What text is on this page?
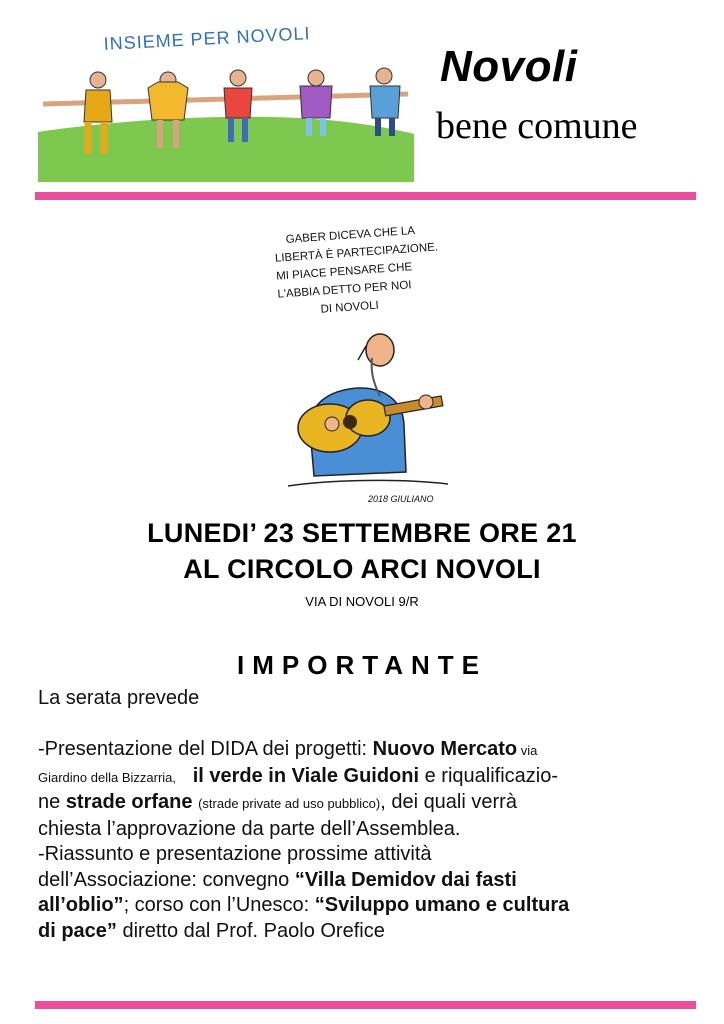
INSIEME PER NOVOLI
Novoli
bene comune
GABER DICEVA CHE LA
LIBERTÀ È PARTECIPAZIONE.
MI PIACE PENSARE CHE
L'ABBIA DETTO PER NOI
DI NOVOLI
2018 GIULIANO
LUNEDI’ 23 SETTEMBRE ORE 21
AL CIRCOLO ARCI NOVOLI
VIA DI NOVOLI 9/R
IMPORTANTE

La serata prevede

-Presentazione del DIDA dei progetti: Nuovo Mercato via
Giardino della Bizzarria, il verde in Viale Guidoni e riqualificazio-
ne strade orfane (strade private ad uso pubblico), dei quali verrà
chiesta l’approvazione da parte dell’Assemblea.

-Riassunto e presentazione prossime attività
dell’Associazione: convegno “Villa Demidov dai fasti
all’oblio”; corso con l’Unesco: “Sviluppo umano e cultura
di pace” diretto dal Prof. Paolo Orefice
